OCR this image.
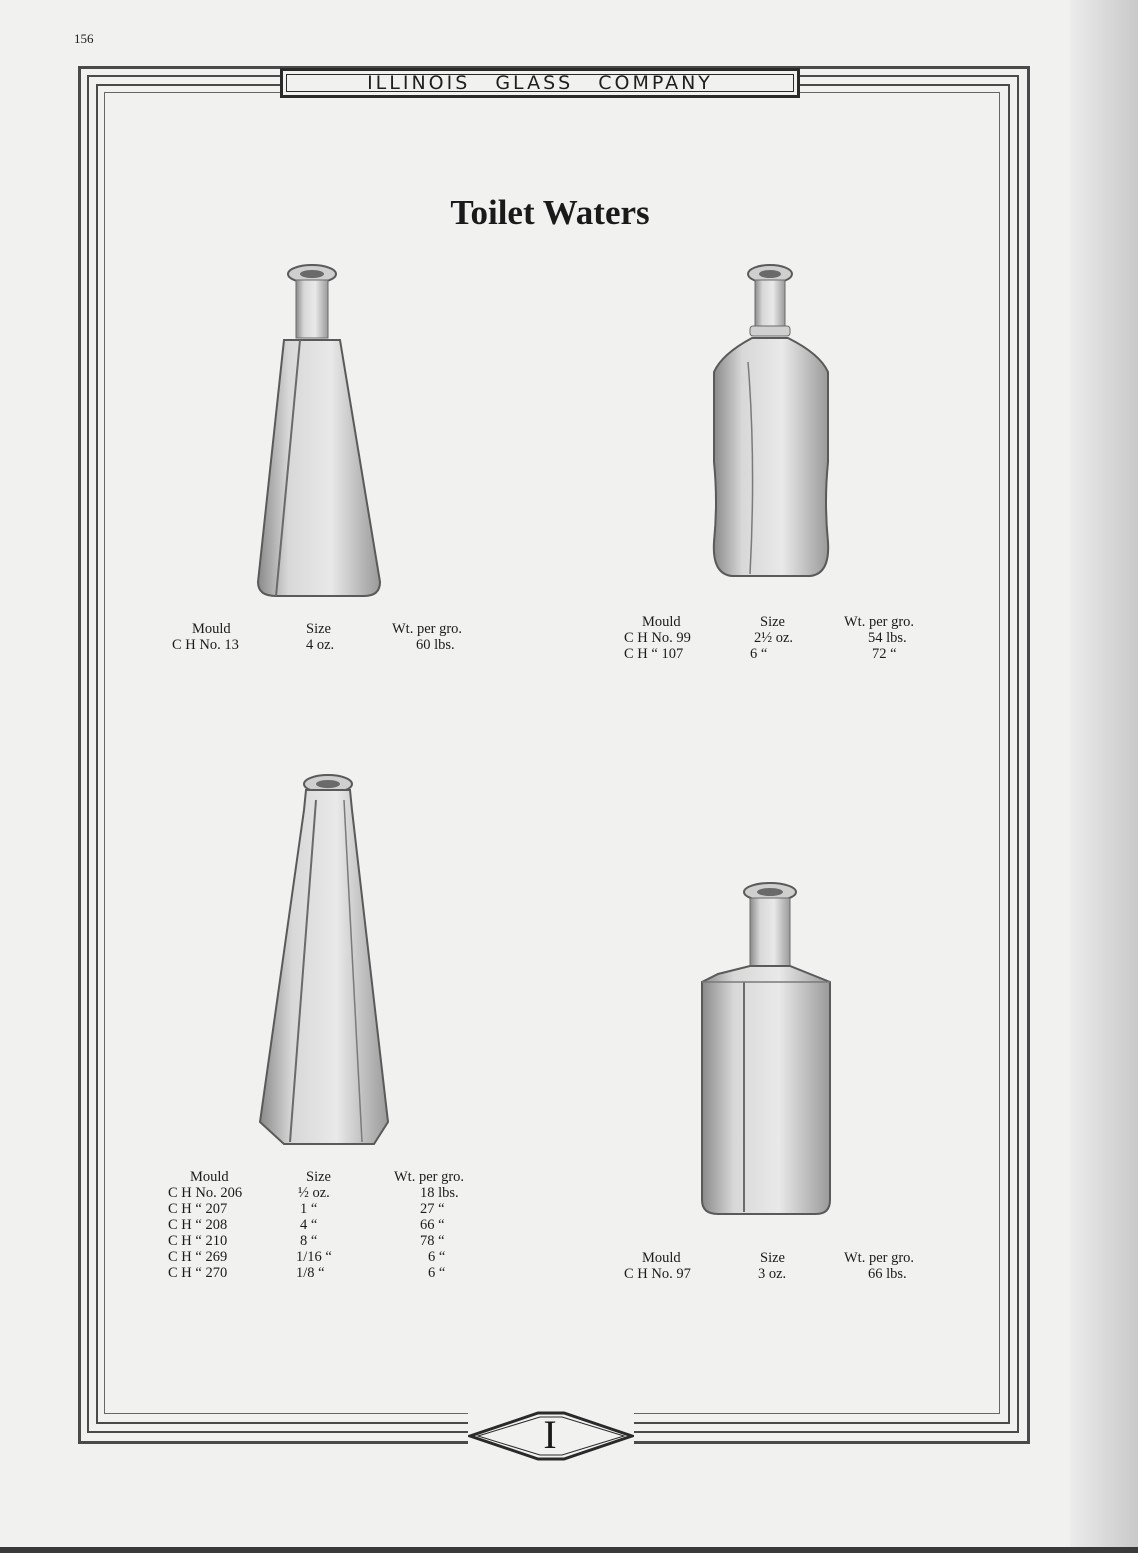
156
ILLINOIS GLASS COMPANY
Toilet Waters
Mould	Size	Wt. per gro.
C H No. 13	4 oz.	60 lbs.
Mould	Size	Wt. per gro.
C H No. 99	2½ oz.	54 lbs.
C H “ 107	6 “	72 “
Mould	Size	Wt. per gro.
C H No. 206	½ oz.	18 lbs.
C H “ 207	1 “	27 “
C H “ 208	4 “	66 “
C H “ 210	8 “	78 “
C H “ 269	1/16 “	6 “
C H “ 270	1/8 “	6 “
Mould	Size	Wt. per gro.
C H No. 97	3 oz.	66 lbs.
I
